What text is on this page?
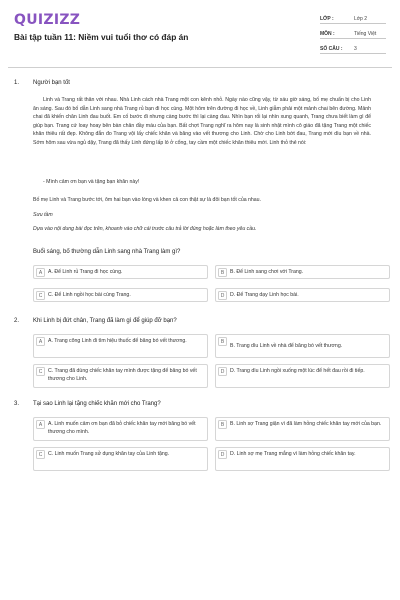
QUIZIZZ
Bài tập tuần 11: Niềm vui tuổi thơ có đáp án
LỚP :	Lớp 2
MÔN :	Tiếng Việt
SỐ CÂU :	3
1. Người bạn tốt
Linh và Trang rất thân với nhau. Nhà Linh cách nhà Trang một con kênh nhỏ. Ngày nào cũng vậy, từ sáu giờ sáng, bố mẹ chuẩn bị cho Linh ăn sáng. Sau đó bố dẫn Linh sang nhà Trang rủ bạn đi học cùng. Một hôm trên đường đi học về, Linh giẫm phải một mảnh chai bên đường. Mảnh chai đã khiến chân Linh đau buốt. Em cố bước đi nhưng càng bước thì lại càng đau. Nhìn bạn rối lại nhìn xung quanh, Trang chưa biết làm gì để giúp bạn. Trang cứ loay hoay bên bàn chân đầy máu của bạn. Bất chợt Trang nghĩ ra hôm nay là sinh nhật mình cô giáo đã tặng Trang một chiếc khăn thiêu rất đẹp. Không đắn đo Trang vội lấy chiếc khăn và băng vào vết thương cho Linh. Chờ cho Linh bớt đau, Trang mới dìu bạn về nhà. Sớm hôm sau vừa ngủ dậy, Trang đã thấy Linh đứng lấp ló ở cổng, tay cầm một chiếc khăn thiêu mới. Linh thỏ thẻ nói:
- Mình cảm ơn bạn và tặng bạn khăn này!
Bố mẹ Linh và Trang bước tới, ôm hai bạn vào lòng và khen cả con thật sự là đôi bạn tốt của nhau.
Sưu tầm
Dựa vào nội dung bài đọc trên, khoanh vào chữ cái trước câu trả lời đúng hoặc làm theo yêu cầu.
Buổi sáng, bố thường dẫn Linh sang nhà Trang làm gì?
A	A. Để Linh rủ Trang đi học cùng.	B	B. Để Linh sang chơi với Trang.
C	C. Để Linh ngồi học bài cùng Trang.	D	D. Để Trang dạy Linh học bài.
2. Khi Linh bị đứt chân, Trang đã làm gì để giúp đỡ bạn?
A	A. Trang cõng Linh đi tìm hiệu thuốc để băng bó vết thương.	B
B. Trang dìu Linh về nhà để băng bó vết thương.
C	C. Trang đã dùng chiếc khăn tay mình được tặng để băng bó vết thương cho Linh.
D	D. Trang dìu Linh ngồi xuống một lúc để hết đau rồi đi tiếp.
3. Tại sao Linh lại tặng chiếc khăn mới cho Trang?
A	A. Linh muốn cảm ơn bạn đã bỏ chiếc khăn tay mới băng bó vết thương cho mình.
B	B. Linh sợ Trang giận vì đã làm hỏng chiếc khăn tay mới của bạn.
C	C. Linh muốn Trang sử dụng khăn tay của Linh tặng.	D	D. Linh sợ mẹ Trang mắng vì làm hỏng chiếc khăn tay.
